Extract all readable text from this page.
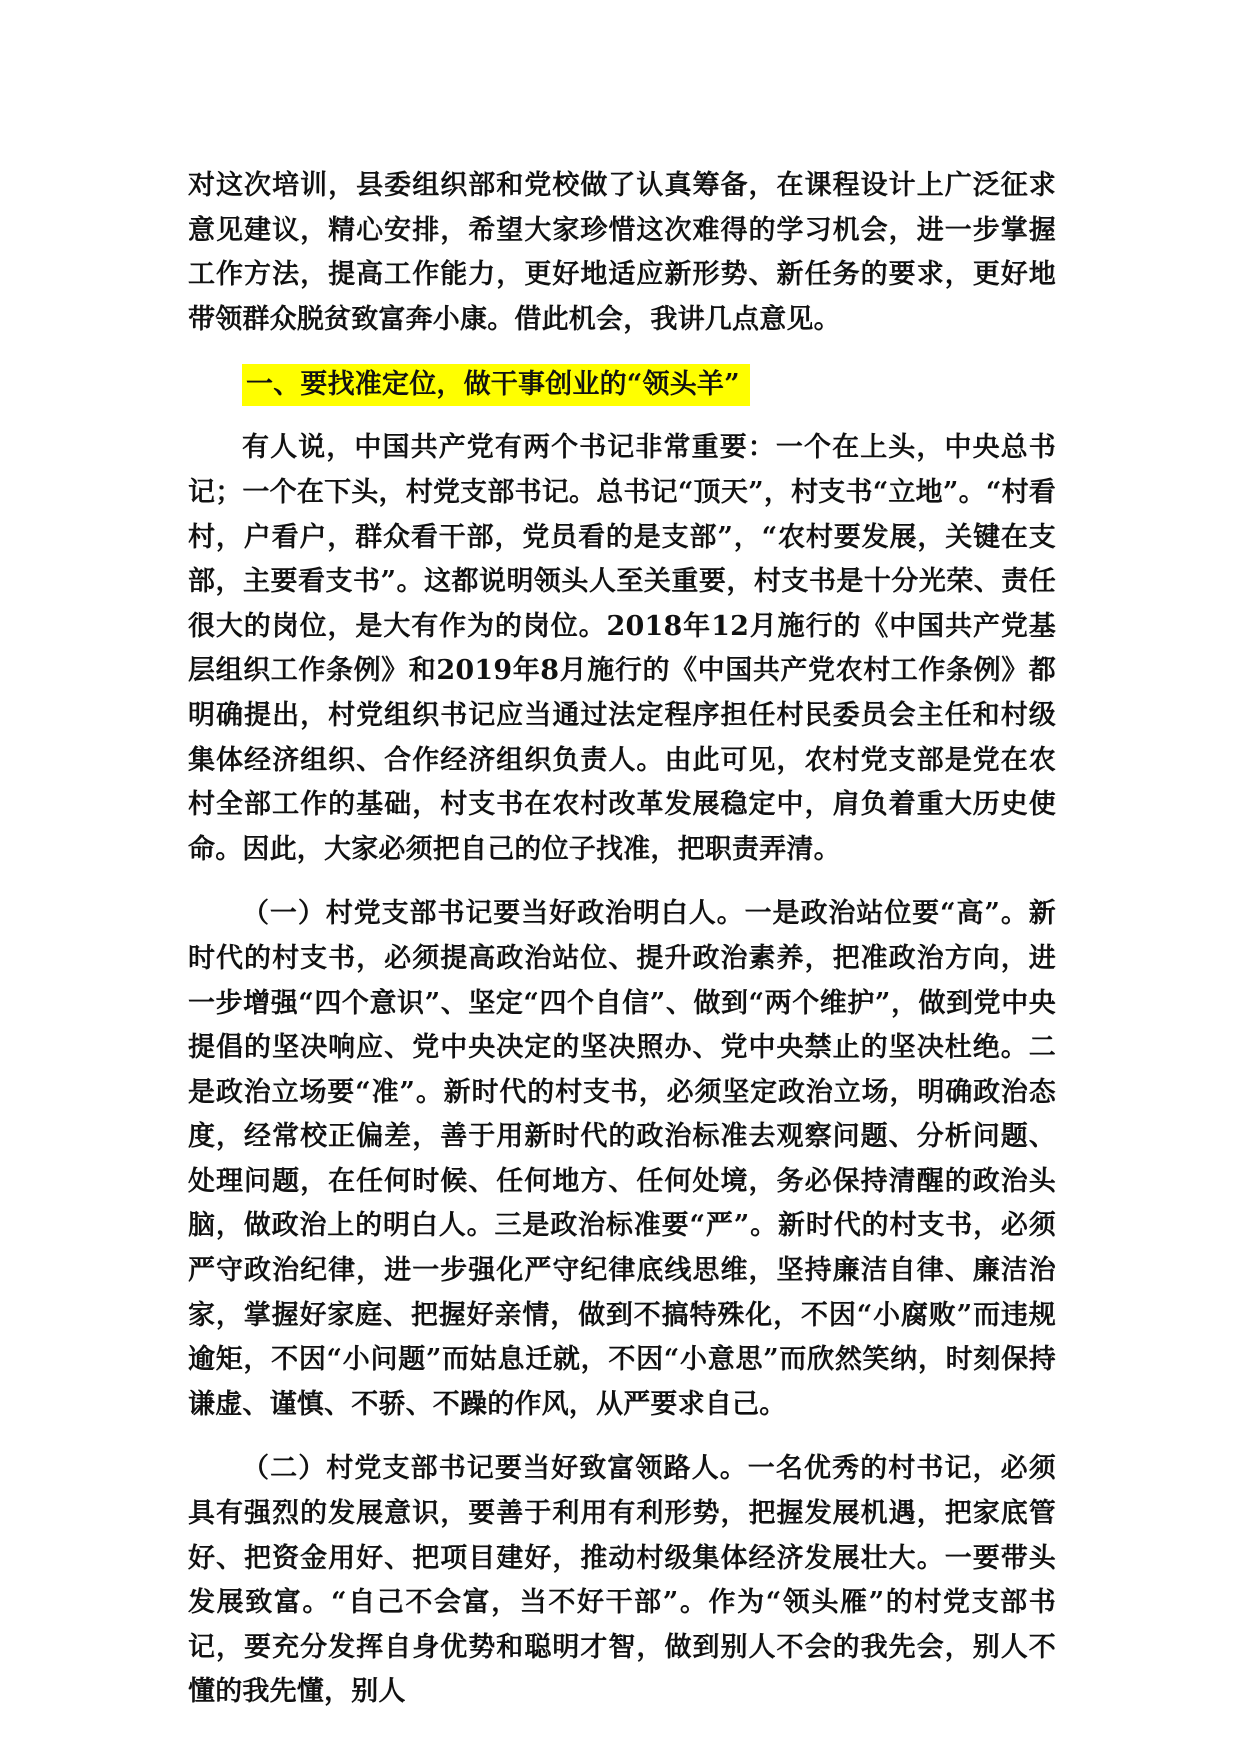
对这次培训，县委组织部和党校做了认真筹备，在课程设计上广泛征求意见建议，精心安排，希望大家珍惜这次难得的学习机会，进一步掌握工作方法，提高工作能力，更好地适应新形势、新任务的要求，更好地带领群众脱贫致富奔小康。借此机会，我讲几点意见。

一、要找准定位，做干事创业的“领头羊”

有人说，中国共产党有两个书记非常重要：一个在上头，中央总书记；一个在下头，村党支部书记。总书记“顶天”，村支书“立地”。“村看村，户看户，群众看干部，党员看的是支部”，“农村要发展，关键在支部，主要看支书”。这都说明领头人至关重要，村支书是十分光荣、责任很大的岗位，是大有作为的岗位。2018年12月施行的《中国共产党基层组织工作条例》和2019年8月施行的《中国共产党农村工作条例》都明确提出，村党组织书记应当通过法定程序担任村民委员会主任和村级集体经济组织、合作经济组织负责人。由此可见，农村党支部是党在农村全部工作的基础，村支书在农村改革发展稳定中，肩负着重大历史使命。因此，大家必须把自己的位子找准，把职责弄清。

（一）村党支部书记要当好政治明白人。一是政治站位要“高”。新时代的村支书，必须提高政治站位、提升政治素养，把准政治方向，进一步增强“四个意识”、坚定“四个自信”、做到“两个维护”，做到党中央提倡的坚决响应、党中央决定的坚决照办、党中央禁止的坚决杜绝。二是政治立场要“准”。新时代的村支书，必须坚定政治立场，明确政治态度，经常校正偏差，善于用新时代的政治标准去观察问题、分析问题、处理问题，在任何时候、任何地方、任何处境，务必保持清醒的政治头脑，做政治上的明白人。三是政治标准要“严”。新时代的村支书，必须严守政治纪律，进一步强化严守纪律底线思维，坚持廉洁自律、廉洁治家，掌握好家庭、把握好亲情，做到不搞特殊化，不因“小腐败”而违规逾矩，不因“小问题”而姑息迁就，不因“小意思”而欣然笑纳，时刻保持谦虚、谨慎、不骄、不躁的作风，从严要求自己。

（二）村党支部书记要当好致富领路人。一名优秀的村书记，必须具有强烈的发展意识，要善于利用有利形势，把握发展机遇，把家底管好、把资金用好、把项目建好，推动村级集体经济发展壮大。一要带头发展致富。“自己不会富，当不好干部”。作为“领头雁”的村党支部书记，要充分发挥自身优势和聪明才智，做到别人不会的我先会，别人不懂的我先懂，别人
